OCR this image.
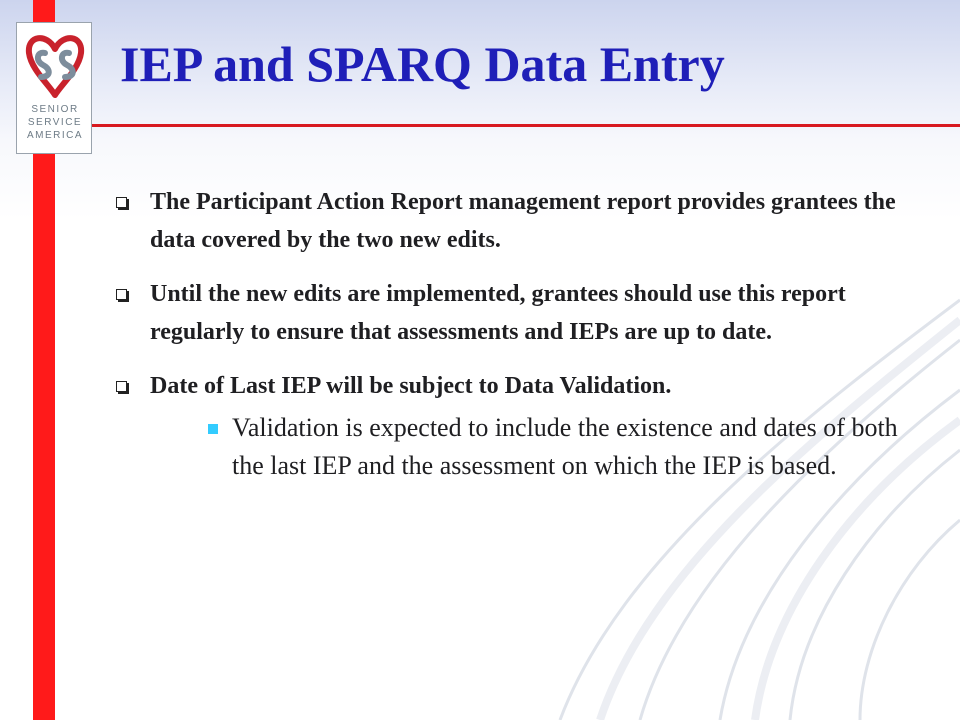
SENIOR
SERVICE
AMERICA
IEP and SPARQ Data Entry
The Participant Action Report management report provides grantees the data covered by the two new edits.
Until the new edits are implemented, grantees should use this report regularly to ensure that assessments and IEPs are up to date.
Date of Last IEP will be subject to Data Validation.
Validation is expected to include the existence and dates of both the last IEP and the assessment on which the IEP is based.
